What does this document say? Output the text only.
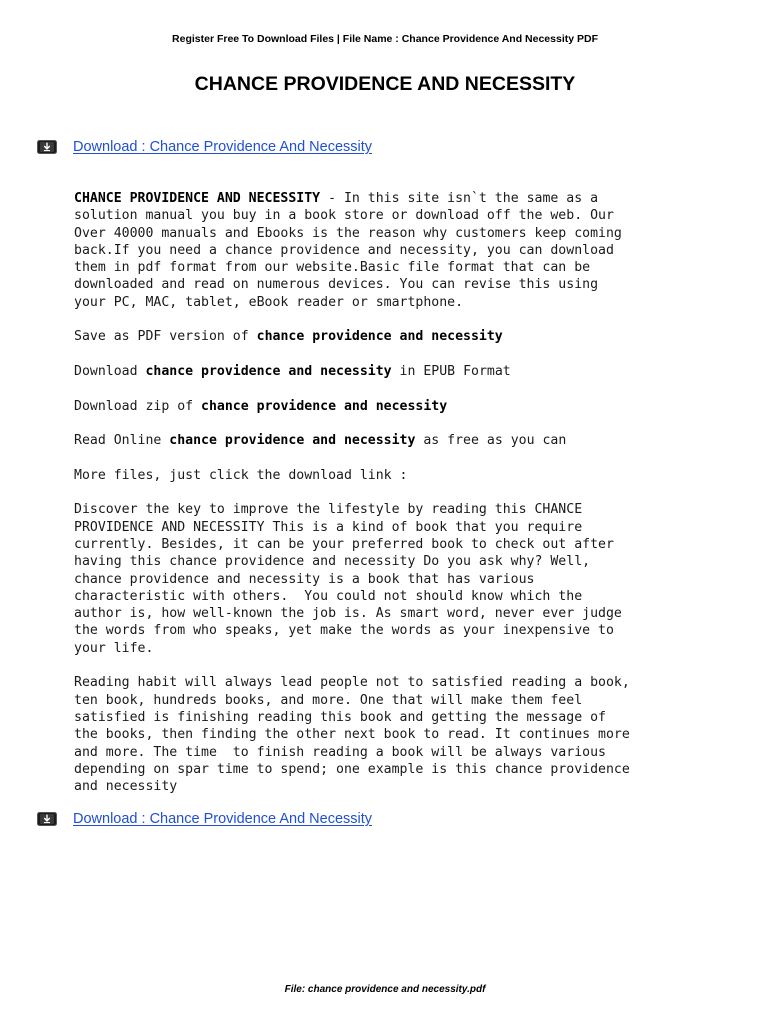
Register Free To Download Files | File Name : Chance Providence And Necessity PDF
CHANCE PROVIDENCE AND NECESSITY
Download : Chance Providence And Necessity

CHANCE PROVIDENCE AND NECESSITY - In this site isn`t the same as a
solution manual you buy in a book store or download off the web. Our
Over 40000 manuals and Ebooks is the reason why customers keep coming
back.If you need a chance providence and necessity, you can download
them in pdf format from our website.Basic file format that can be
downloaded and read on numerous devices. You can revise this using
your PC, MAC, tablet, eBook reader or smartphone.

Save as PDF version of chance providence and necessity

Download chance providence and necessity in EPUB Format

Download zip of chance providence and necessity

Read Online chance providence and necessity as free as you can

More files, just click the download link :

Discover the key to improve the lifestyle by reading this CHANCE
PROVIDENCE AND NECESSITY This is a kind of book that you require
currently. Besides, it can be your preferred book to check out after
having this chance providence and necessity Do you ask why? Well,
chance providence and necessity is a book that has various
characteristic with others.  You could not should know which the
author is, how well-known the job is. As smart word, never ever judge
the words from who speaks, yet make the words as your inexpensive to
your life.

Reading habit will always lead people not to satisfied reading a book,
ten book, hundreds books, and more. One that will make them feel
satisfied is finishing reading this book and getting the message of
the books, then finding the other next book to read. It continues more
and more. The time  to finish reading a book will be always various
depending on spar time to spend; one example is this chance providence
and necessity

Download : Chance Providence And Necessity
File: chance providence and necessity.pdf
